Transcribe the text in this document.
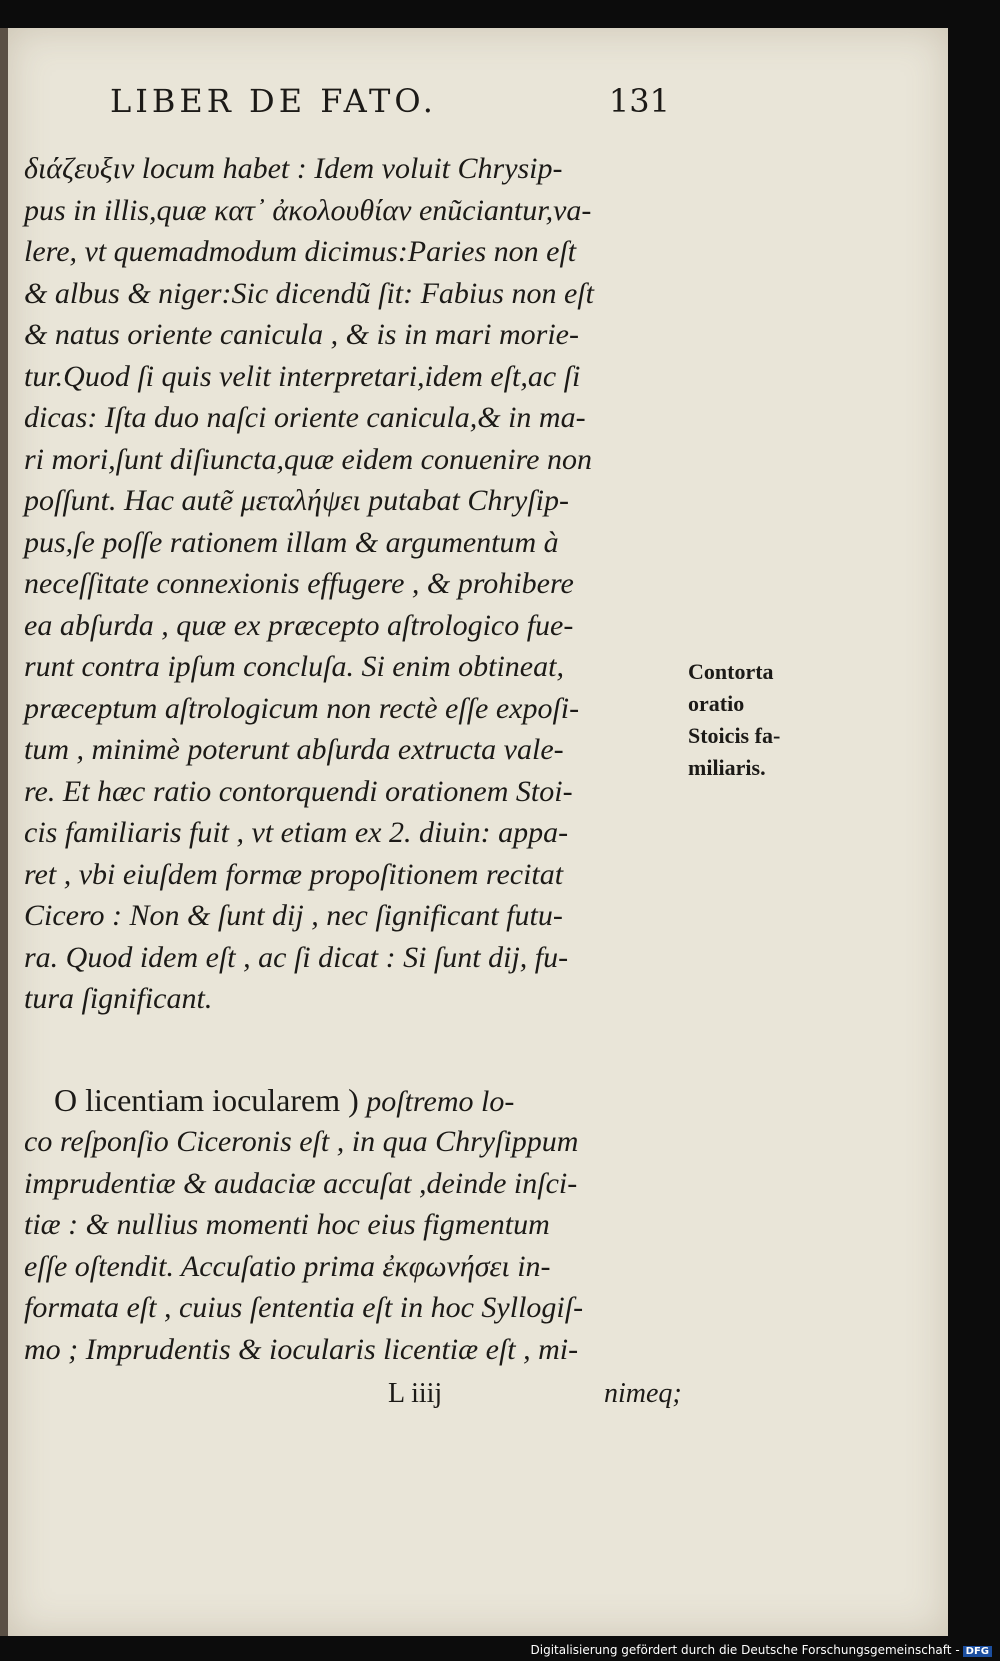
LIBER DE FATO.	131
διάζευξιν locum habet : Idem voluit Chrysip-
pus in illis,quæ κατ᾽ ἀκολουθίαν enũciantur,va-
lere, vt quemadmodum dicimus:Paries non eſt
& albus & niger:Sic dicendũ ſit: Fabius non eſt
& natus oriente canicula , & is in mari morie-
tur.Quod ſi quis velit interpretari,idem eſt,ac ſi
dicas: Iſta duo naſci oriente canicula,& in ma-
ri mori,ſunt diſiuncta,quæ eidem conuenire non
poſſunt. Hac autẽ μεταλήψει putabat Chryſip-
pus,ſe poſſe rationem illam & argumentum à
neceſſitate connexionis effugere , & prohibere
ea abſurda , quæ ex præcepto aſtrologico fue-
runt contra ipſum concluſa. Si enim obtineat,
præceptum aſtrologicum non rectè eſſe expoſi-
tum , minimè poterunt abſurda extructa vale-
re. Et hæc ratio contorquendi orationem Stoi-
cis familiaris fuit , vt etiam ex 2. diuin: appa-
ret , vbi eiuſdem formæ propoſitionem recitat
Cicero : Non & ſunt dij , nec ſignificant futu-
ra. Quod idem eſt , ac ſi dicat : Si ſunt dij, fu-
tura ſignificant.
O licentiam iocularem ) poſtremo lo-
co reſponſio Ciceronis eſt , in qua Chryſippum
imprudentiæ & audaciæ accuſat ,deinde inſci-
tiæ : & nullius momenti hoc eius figmentum
eſſe oſtendit. Accuſatio prima ἐκφωνήσει in-
formata eſt , cuius ſententia eſt in hoc Syllogiſ-
mo ; Imprudentis & iocularis licentiæ eſt , mi-
Contorta
oratio
Stoicis fa-
miliaris.
L iiij	nimeq;
Digitalisierung gefördert durch die Deutsche Forschungsgemeinschaft - DFG
